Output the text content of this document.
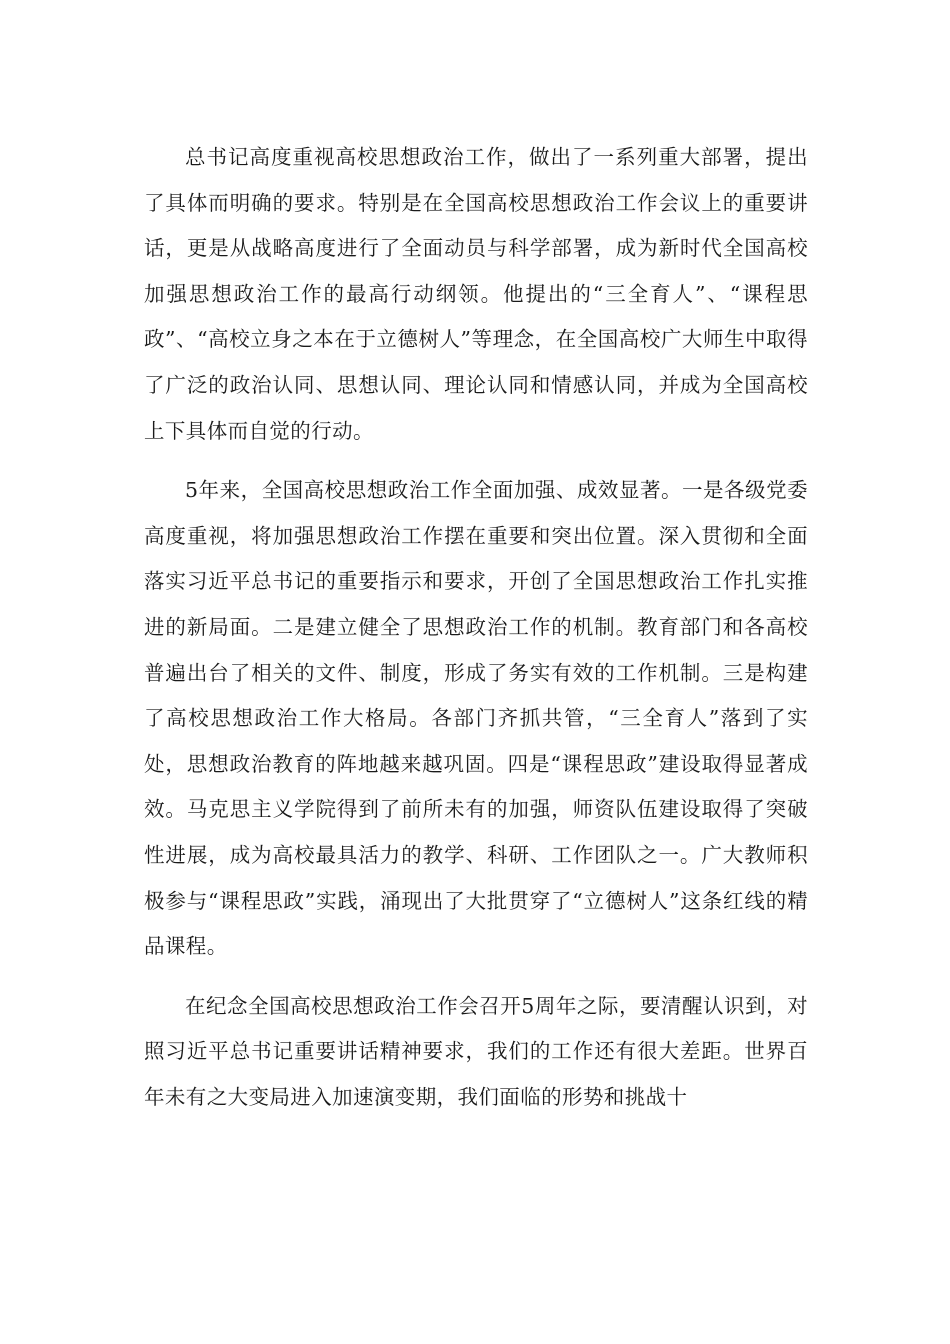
总书记高度重视高校思想政治工作，做出了一系列重大部署，提出了具体而明确的要求。特别是在全国高校思想政治工作会议上的重要讲话，更是从战略高度进行了全面动员与科学部署，成为新时代全国高校加强思想政治工作的最高行动纲领。他提出的“三全育人”、“课程思政”、“高校立身之本在于立德树人”等理念，在全国高校广大师生中取得了广泛的政治认同、思想认同、理论认同和情感认同，并成为全国高校上下具体而自觉的行动。

5年来，全国高校思想政治工作全面加强、成效显著。一是各级党委高度重视，将加强思想政治工作摆在重要和突出位置。深入贯彻和全面落实习近平总书记的重要指示和要求，开创了全国思想政治工作扎实推进的新局面。二是建立健全了思想政治工作的机制。教育部门和各高校普遍出台了相关的文件、制度，形成了务实有效的工作机制。三是构建了高校思想政治工作大格局。各部门齐抓共管，“三全育人”落到了实处，思想政治教育的阵地越来越巩固。四是“课程思政”建设取得显著成效。马克思主义学院得到了前所未有的加强，师资队伍建设取得了突破性进展，成为高校最具活力的教学、科研、工作团队之一。广大教师积极参与“课程思政”实践，涌现出了大批贯穿了“立德树人”这条红线的精品课程。

在纪念全国高校思想政治工作会召开5周年之际，要清醒认识到，对照习近平总书记重要讲话精神要求，我们的工作还有很大差距。世界百年未有之大变局进入加速演变期，我们面临的形势和挑战十
